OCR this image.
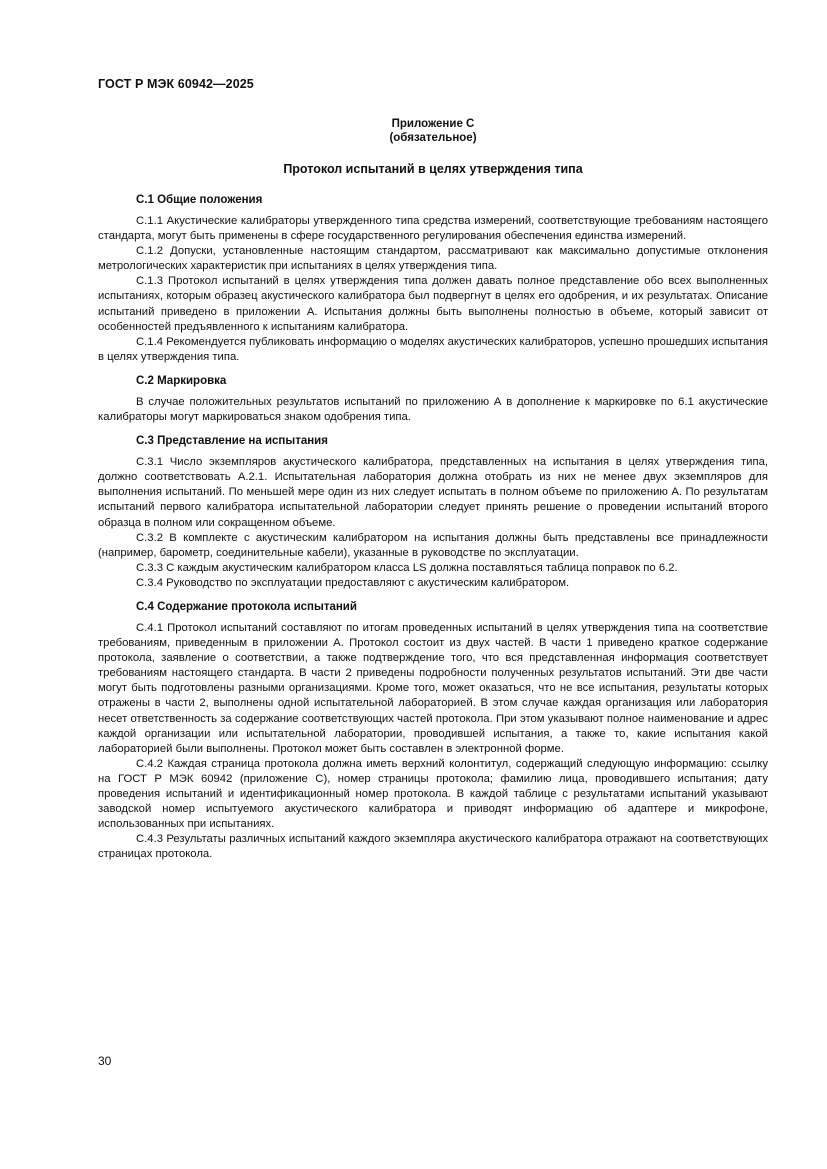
ГОСТ Р МЭК 60942—2025
Приложение С
(обязательное)
Протокол испытаний в целях утверждения типа
С.1 Общие положения

С.1.1 Акустические калибраторы утвержденного типа средства измерений, соответствующие требованиям настоящего стандарта, могут быть применены в сфере государственного регулирования обеспечения единства измерений.

С.1.2 Допуски, установленные настоящим стандартом, рассматривают как максимально допустимые отклонения метрологических характеристик при испытаниях в целях утверждения типа.

С.1.3 Протокол испытаний в целях утверждения типа должен давать полное представление обо всех выполненных испытаниях, которым образец акустического калибратора был подвергнут в целях его одобрения, и их результатах. Описание испытаний приведено в приложении А. Испытания должны быть выполнены полностью в объеме, который зависит от особенностей предъявленного к испытаниям калибратора.

С.1.4 Рекомендуется публиковать информацию о моделях акустических калибраторов, успешно прошедших испытания в целях утверждения типа.

С.2 Маркировка

В случае положительных результатов испытаний по приложению А в дополнение к маркировке по 6.1 акустические калибраторы могут маркироваться знаком одобрения типа.

С.3 Представление на испытания

С.3.1 Число экземпляров акустического калибратора, представленных на испытания в целях утверждения типа, должно соответствовать А.2.1. Испытательная лаборатория должна отобрать из них не менее двух экземпляров для выполнения испытаний. По меньшей мере один из них следует испытать в полном объеме по приложению А. По результатам испытаний первого калибратора испытательной лаборатории следует принять решение о проведении испытаний второго образца в полном или сокращенном объеме.

С.3.2 В комплекте с акустическим калибратором на испытания должны быть представлены все принадлежности (например, барометр, соединительные кабели), указанные в руководстве по эксплуатации.

С.3.3 С каждым акустическим калибратором класса LS должна поставляться таблица поправок по 6.2.

С.3.4 Руководство по эксплуатации предоставляют с акустическим калибратором.

С.4 Содержание протокола испытаний

С.4.1 Протокол испытаний составляют по итогам проведенных испытаний в целях утверждения типа на соответствие требованиям, приведенным в приложении А. Протокол состоит из двух частей. В части 1 приведено краткое содержание протокола, заявление о соответствии, а также подтверждение того, что вся представленная информация соответствует требованиям настоящего стандарта. В части 2 приведены подробности полученных результатов испытаний. Эти две части могут быть подготовлены разными организациями. Кроме того, может оказаться, что не все испытания, результаты которых отражены в части 2, выполнены одной испытательной лабораторией. В этом случае каждая организация или лаборатория несет ответственность за содержание соответствующих частей протокола. При этом указывают полное наименование и адрес каждой организации или испытательной лаборатории, проводившей испытания, а также то, какие испытания какой лабораторией были выполнены. Протокол может быть составлен в электронной форме.

С.4.2 Каждая страница протокола должна иметь верхний колонтитул, содержащий следующую информацию: ссылку на ГОСТ Р МЭК 60942 (приложение С), номер страницы протокола; фамилию лица, проводившего испытания; дату проведения испытаний и идентификационный номер протокола. В каждой таблице с результатами испытаний указывают заводской номер испытуемого акустического калибратора и приводят информацию об адаптере и микрофоне, использованных при испытаниях.

С.4.3 Результаты различных испытаний каждого экземпляра акустического калибратора отражают на соответствующих страницах протокола.

30
